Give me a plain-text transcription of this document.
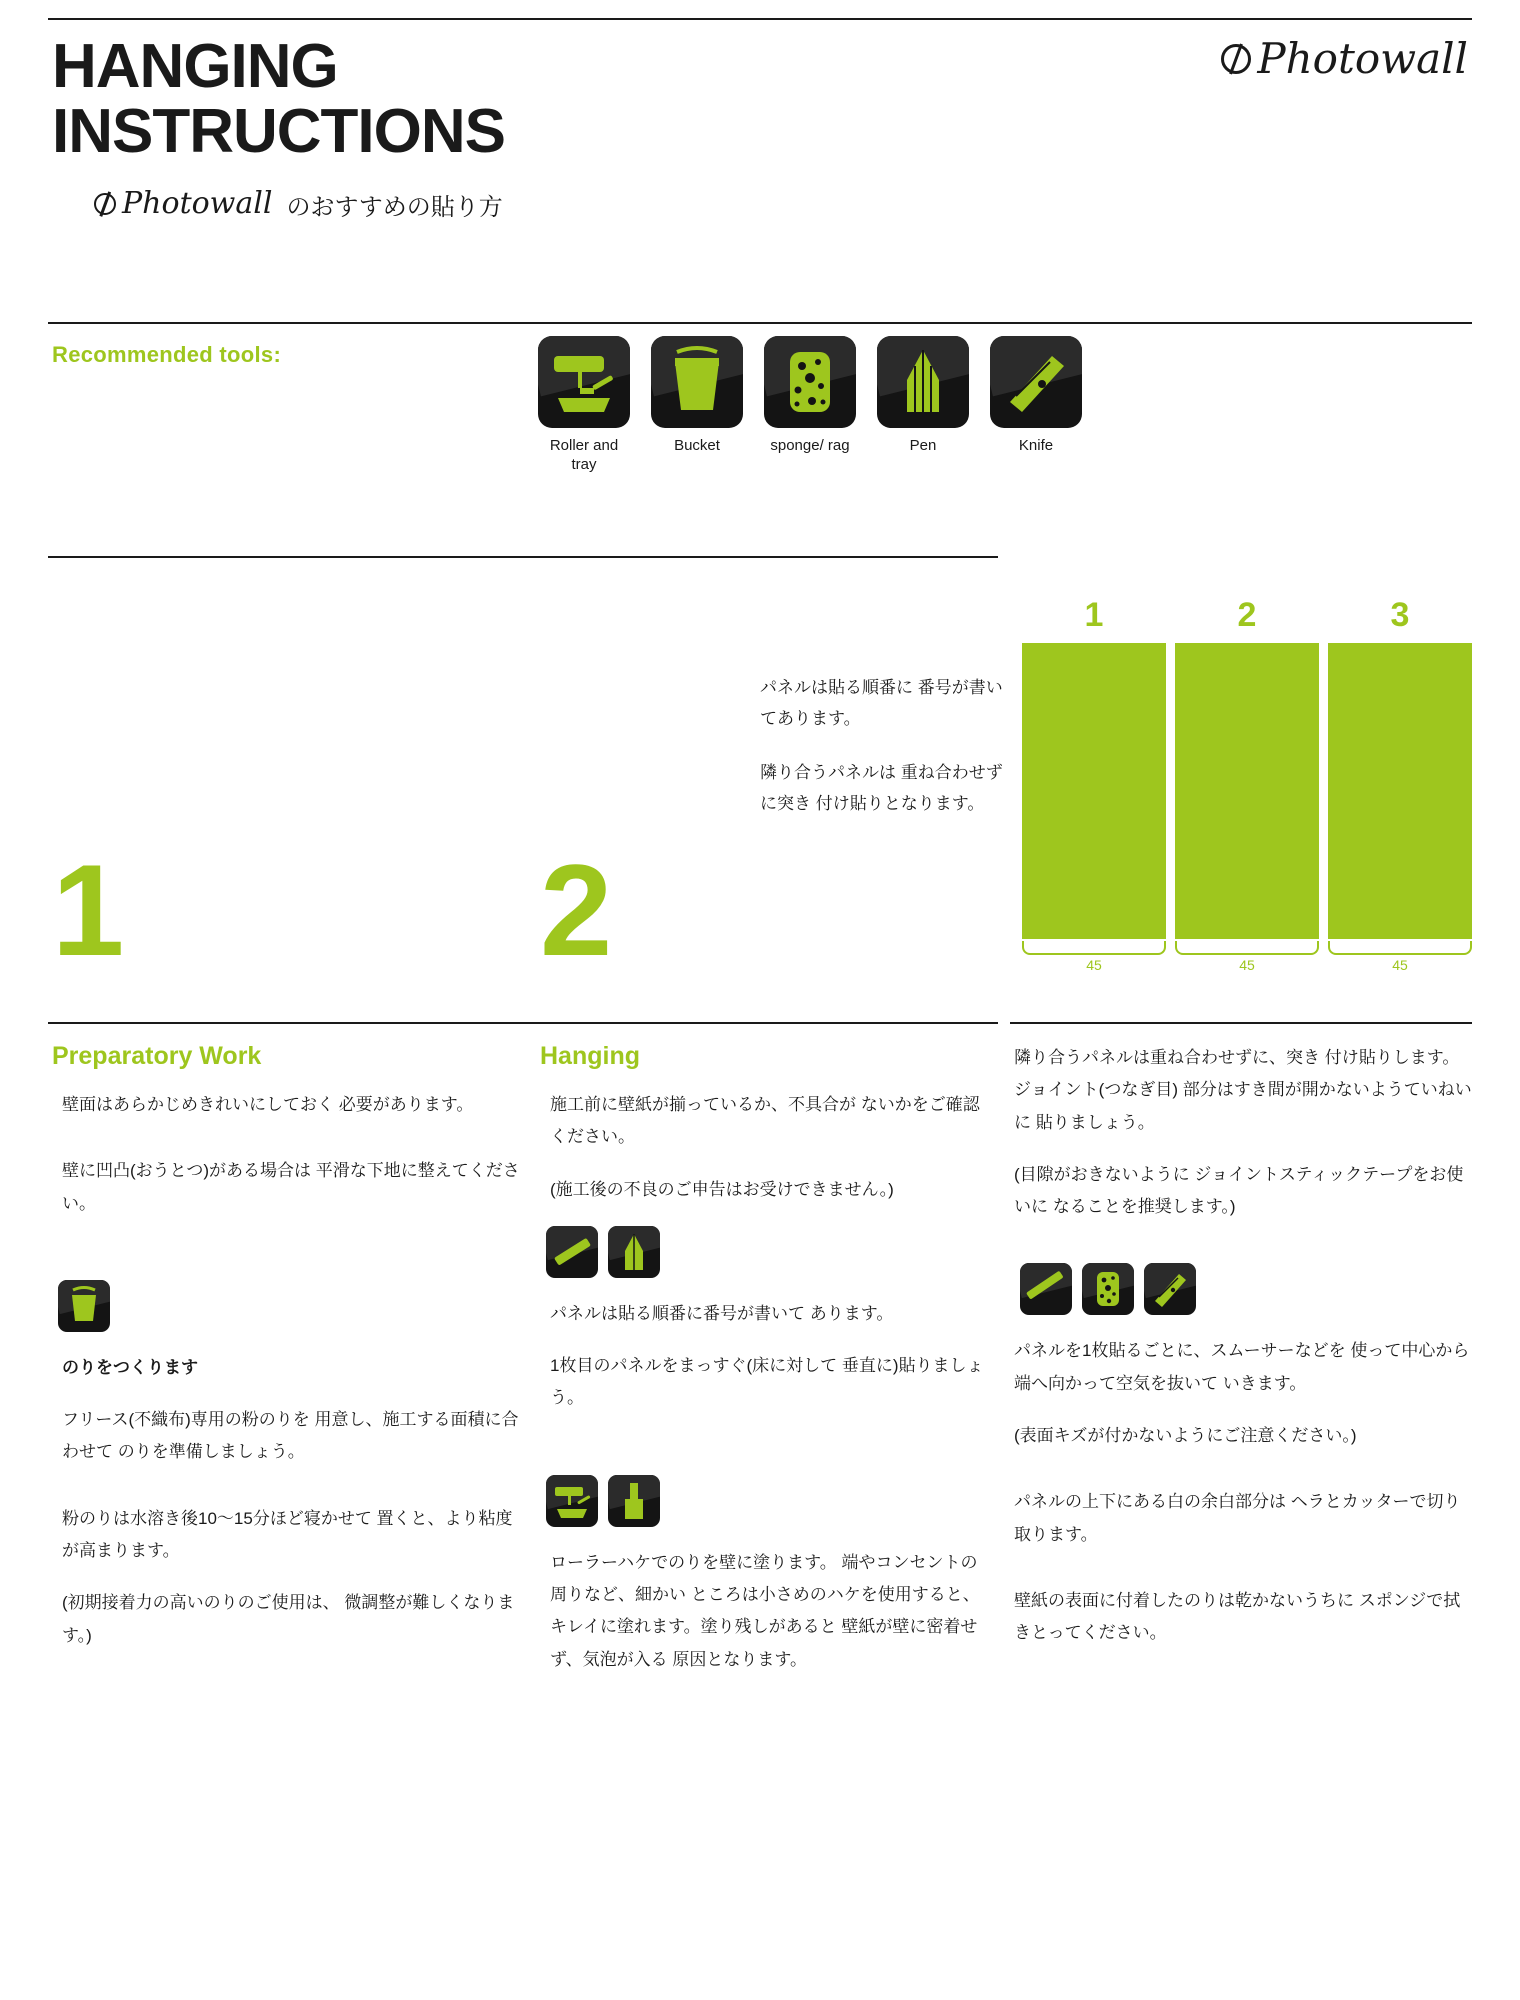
HANGING
INSTRUCTIONS
Photowall のおすすめの貼り方
Photowall
Recommended tools:
Roller and tray
Bucket	sponge/ rag	Pen	Knife

パネルは貼る順番に 番号が書いてあります。

隣り合うパネルは 重ね合わせずに突き 付け貼りとなります。

1	2	3
45	45	45
1	2
Preparatory Work

壁面はあらかじめきれいにしておく 必要があります。

壁に凹凸(おうとつ)がある場合は 平滑な下地に整えてください。

のりをつくります

フリース(不織布)専用の粉のりを 用意し、施工する面積に合わせて のりを準備しましょう。

粉のりは水溶き後10〜15分ほど寝かせて 置くと、より粘度が高まります。

(初期接着力の高いのりのご使用は、 微調整が難しくなります。)

Hanging

施工前に壁紙が揃っているか、不具合が ないかをご確認ください。

(施工後の不良のご申告はお受けできません。)

パネルは貼る順番に番号が書いて あります。

1枚目のパネルをまっすぐ(床に対して 垂直に)貼りましょう。

ローラーハケでのりを壁に塗ります。 端やコンセントの周りなど、細かい ところは小さめのハケを使用すると、 キレイに塗れます。塗り残しがあると 壁紙が壁に密着せず、気泡が入る 原因となります。

隣り合うパネルは重ね合わせずに、突き 付け貼りします。ジョイント(つなぎ目) 部分はすき間が開かないようていねいに 貼りましょう。

(目隙がおきないように ジョイントスティックテープをお使いに なることを推奨します。)

パネルを1枚貼るごとに、スムーサーなどを 使って中心から端へ向かって空気を抜いて いきます。

(表面キズが付かないようにご注意ください。)

パネルの上下にある白の余白部分は ヘラとカッターで切り取ります。

壁紙の表面に付着したのりは乾かないうちに スポンジで拭きとってください。
